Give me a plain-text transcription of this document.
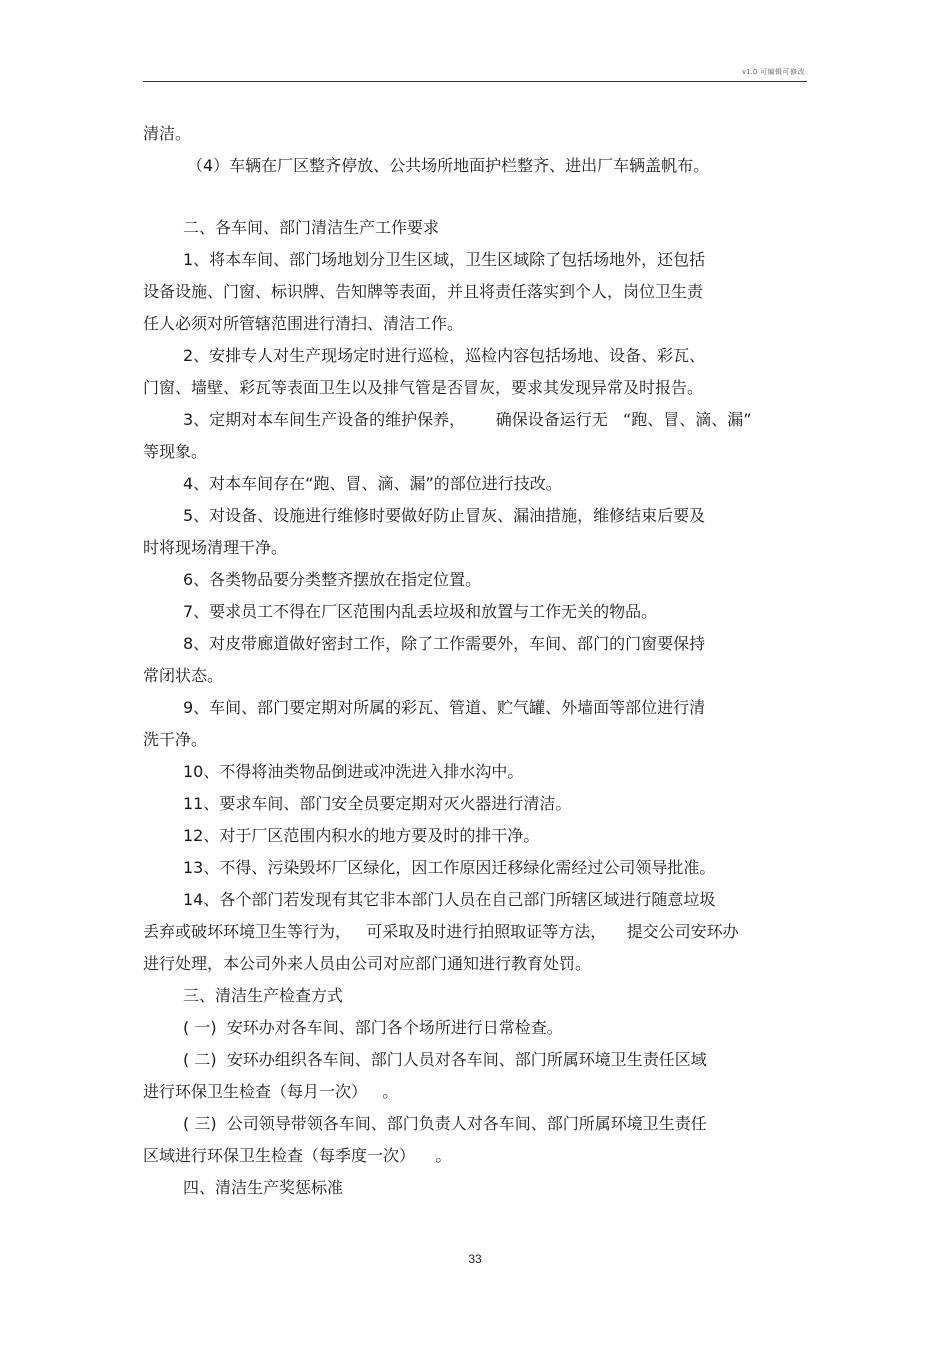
v1.0 可编辑可修改
清洁。
（4）车辆在厂区整齐停放、公共场所地面护栏整齐、进出厂车辆盖帆布。
二、各车间、部门清洁生产工作要求
1、将本车间、部门场地划分卫生区域，卫生区域除了包括场地外，还包括
设备设施、门窗、标识牌、告知牌等表面，并且将责任落实到个人，岗位卫生责
任人必须对所管辖范围进行清扫、清洁工作。
2、安排专人对生产现场定时进行巡检，巡检内容包括场地、设备、彩瓦、
门窗、墙壁、彩瓦等表面卫生以及排气管是否冒灰，要求其发现异常及时报告。
3、定期对本车间生产设备的维护保养，      确保设备运行无   “跑、冒、滴、漏”
等现象。
4、对本车间存在“跑、冒、滴、漏”的部位进行技改。
5、对设备、设施进行维修时要做好防止冒灰、漏油措施，维修结束后要及
时将现场清理干净。
6、各类物品要分类整齐摆放在指定位置。
7、要求员工不得在厂区范围内乱丢垃圾和放置与工作无关的物品。
8、对皮带廊道做好密封工作，除了工作需要外，车间、部门的门窗要保持
常闭状态。
9、车间、部门要定期对所属的彩瓦、管道、贮气罐、外墙面等部位进行清
洗干净。
10、不得将油类物品倒进或冲洗进入排水沟中。
11、要求车间、部门安全员要定期对灭火器进行清洁。
12、对于厂区范围内积水的地方要及时的排干净。
13、不得、污染毁坏厂区绿化，因工作原因迁移绿化需经过公司领导批准。
14、各个部门若发现有其它非本部门人员在自己部门所辖区域进行随意垃圾
丢弃或破坏环境卫生等行为，   可采取及时进行拍照取证等方法，    提交公司安环办
进行处理，本公司外来人员由公司对应部门通知进行教育处罚。
三、清洁生产检查方式
( 一)  安环办对各车间、部门各个场所进行日常检查。
( 二)  安环办组织各车间、部门人员对各车间、部门所属环境卫生责任区域
进行环保卫生检查（每月一次）   。
( 三)  公司领导带领各车间、部门负责人对各车间、部门所属环境卫生责任
区域进行环保卫生检查（每季度一次）    。
四、清洁生产奖惩标准
33
